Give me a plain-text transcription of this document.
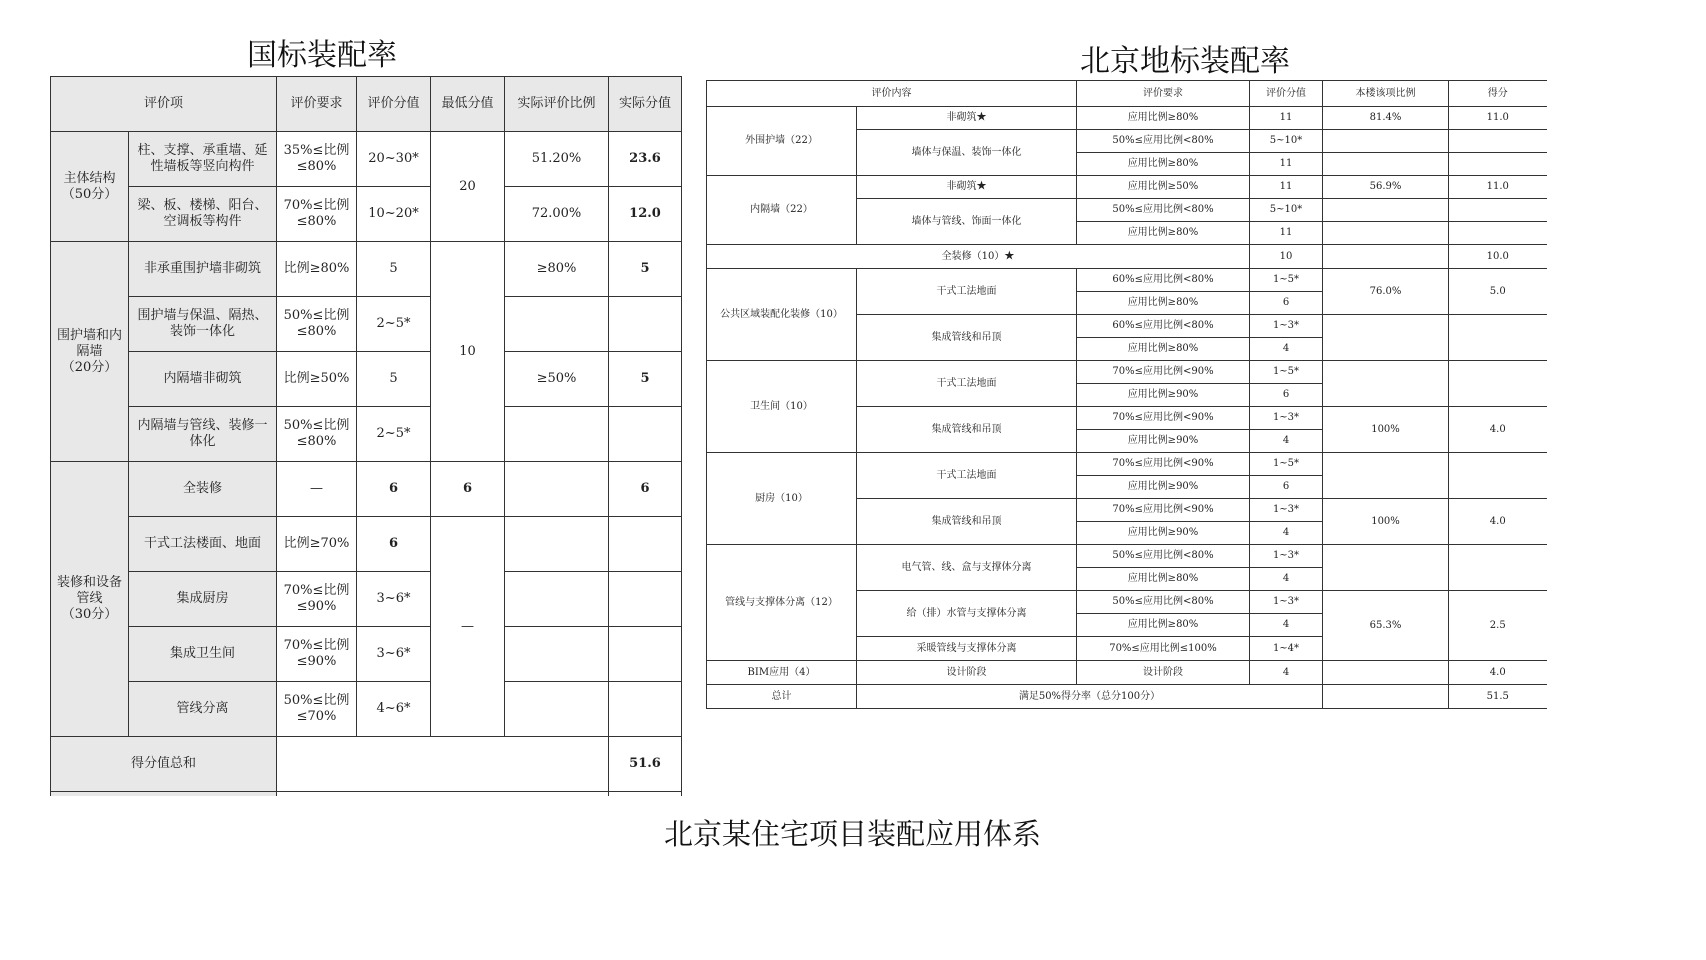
国标装配率	北京地标装配率
评价项		评价要求	评价分值	最低分值	实际评价比例	实际分值
主体结构
（50分）	柱、支撑、承重墙、延性墙板等竖向构件	35%≤比例≤80%	20~30*	20	51.20%	23.6
	梁、板、楼梯、阳台、空调板等构件	70%≤比例≤80%	10~20*		72.00%	12.0
围护墙和内隔墙
（20分）	非承重围护墙非砌筑	比例≥80%	5	10	≥80%	5
	围护墙与保温、隔热、装饰一体化	50%≤比例≤80%	2~5*			
	内隔墙非砌筑	比例≥50%	5		≥50%	5
	内隔墙与管线、装修一体化	50%≤比例≤80%	2~5*			
装修和设备管线
（30分）	全装修	—	6	6		6
	干式工法楼面、地面	比例≥70%	6	—		
	集成厨房	70%≤比例≤90%	3~6*			
	集成卫生间	70%≤比例≤90%	3~6*			
	管线分离	50%≤比例≤70%	4~6*			
得分值总和						51.6

评价内容		评价要求	评价分值	本楼该项比例	得分
外围护墙（22）	非砌筑★	应用比例≥80%	11	81.4%	11.0
	墙体与保温、装饰一体化	50%≤应用比例<80%	5~10*		
		应用比例≥80%	11		
内隔墙（22）	非砌筑★	应用比例≥50%	11	56.9%	11.0
	墙体与管线、饰面一体化	50%≤应用比例<80%	5~10*		
		应用比例≥80%	11		
全装修（10）★			10		10.0
公共区域装配化装修（10）	干式工法地面	60%≤应用比例<80%	1~5*	76.0%	5.0
		应用比例≥80%	6		
	集成管线和吊顶	60%≤应用比例<80%	1~3*		
		应用比例≥80%	4		
卫生间（10）	干式工法地面	70%≤应用比例<90%	1~5*		
		应用比例≥90%	6		
	集成管线和吊顶	70%≤应用比例<90%	1~3*	100%	4.0
		应用比例≥90%	4		
厨房（10）	干式工法地面	70%≤应用比例<90%	1~5*		
		应用比例≥90%	6		
	集成管线和吊顶	70%≤应用比例<90%	1~3*	100%	4.0
		应用比例≥90%	4		
管线与支撑体分离（12）	电气管、线、盒与支撑体分离	50%≤应用比例<80%	1~3*		
		应用比例≥80%	4		
	给（排）水管与支撑体分离	50%≤应用比例<80%	1~3*	65.3%	2.5
		应用比例≥80%	4		
	采暖管线与支撑体分离	70%≤应用比例≤100%	1~4*		
BIM应用（4）	设计阶段	设计阶段	4		4.0
总计	满足50%得分率（总分100分）				51.5
北京某住宅项目装配应用体系
